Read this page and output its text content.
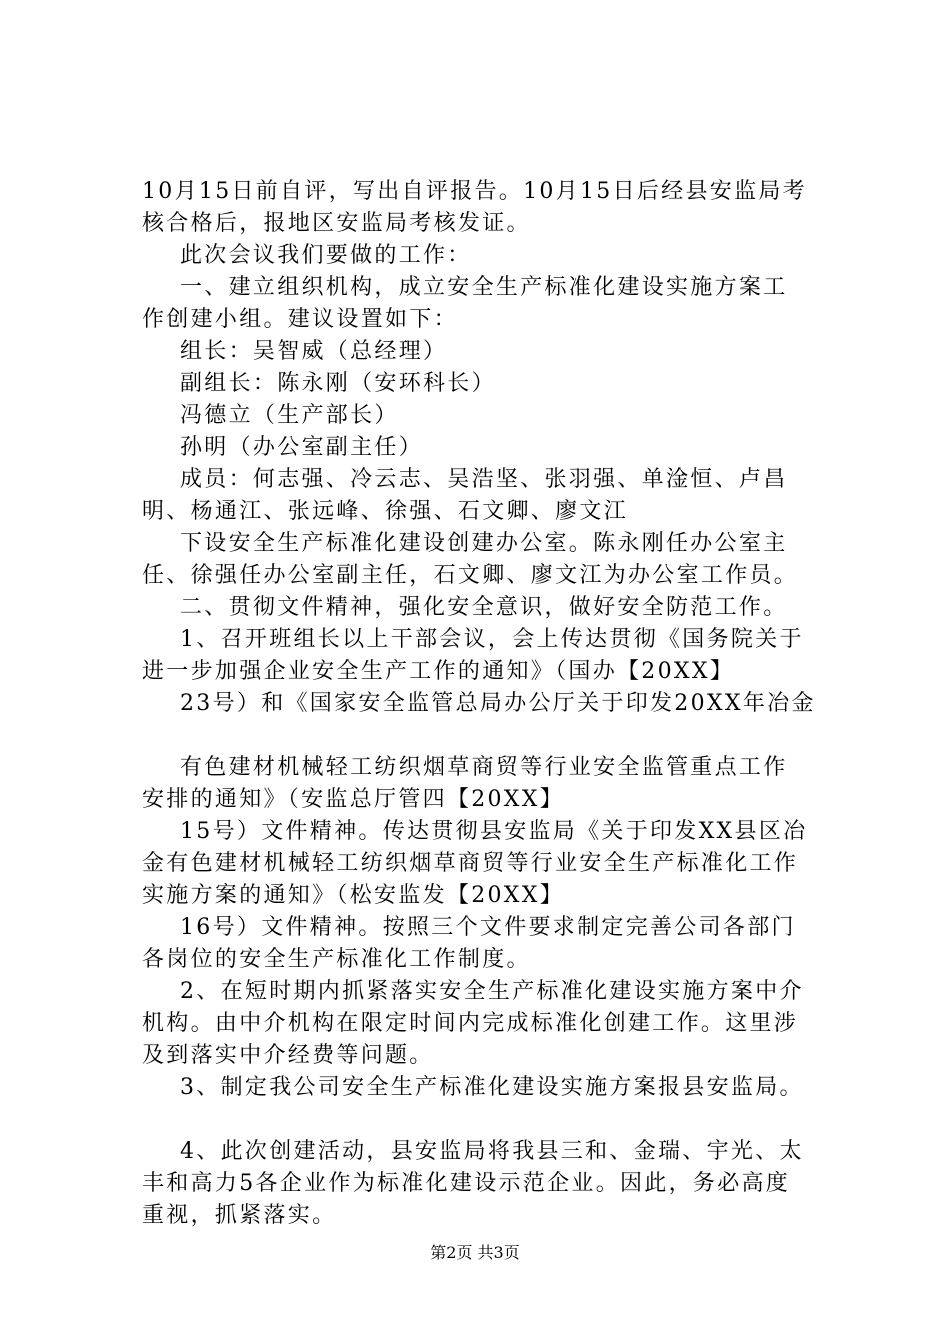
10月15日前自评，写出自评报告。10月15日后经县安监局考
核合格后，报地区安监局考核发证。
此次会议我们要做的工作：
一、建立组织机构，成立安全生产标准化建设实施方案工
作创建小组。建议设置如下：
组长：吴智威（总经理）
副组长：陈永刚（安环科长）
冯德立（生产部长）
孙明（办公室副主任）
成员：何志强、冷云志、吴浩坚、张羽强、单淦恒、卢昌
明、杨通江、张远峰、徐强、石文卿、廖文江
下设安全生产标准化建设创建办公室。陈永刚任办公室主
任、徐强任办公室副主任，石文卿、廖文江为办公室工作员。
二、贯彻文件精神，强化安全意识，做好安全防范工作。
1、召开班组长以上干部会议，会上传达贯彻《国务院关于
进一步加强企业安全生产工作的通知》（国办【20XX】
23号）和《国家安全监管总局办公厅关于印发20XX年冶金
有色建材机械轻工纺织烟草商贸等行业安全监管重点工作
安排的通知》（安监总厅管四【20XX】
15号）文件精神。传达贯彻县安监局《关于印发XX县区冶
金有色建材机械轻工纺织烟草商贸等行业安全生产标准化工作
实施方案的通知》（松安监发【20XX】
16号）文件精神。按照三个文件要求制定完善公司各部门
各岗位的安全生产标准化工作制度。
2、在短时期内抓紧落实安全生产标准化建设实施方案中介
机构。由中介机构在限定时间内完成标准化创建工作。这里涉
及到落实中介经费等问题。
3、制定我公司安全生产标准化建设实施方案报县安监局。
4、此次创建活动，县安监局将我县三和、金瑞、宇光、太
丰和高力5各企业作为标准化建设示范企业。因此，务必高度
重视，抓紧落实。
第2页 共3页
